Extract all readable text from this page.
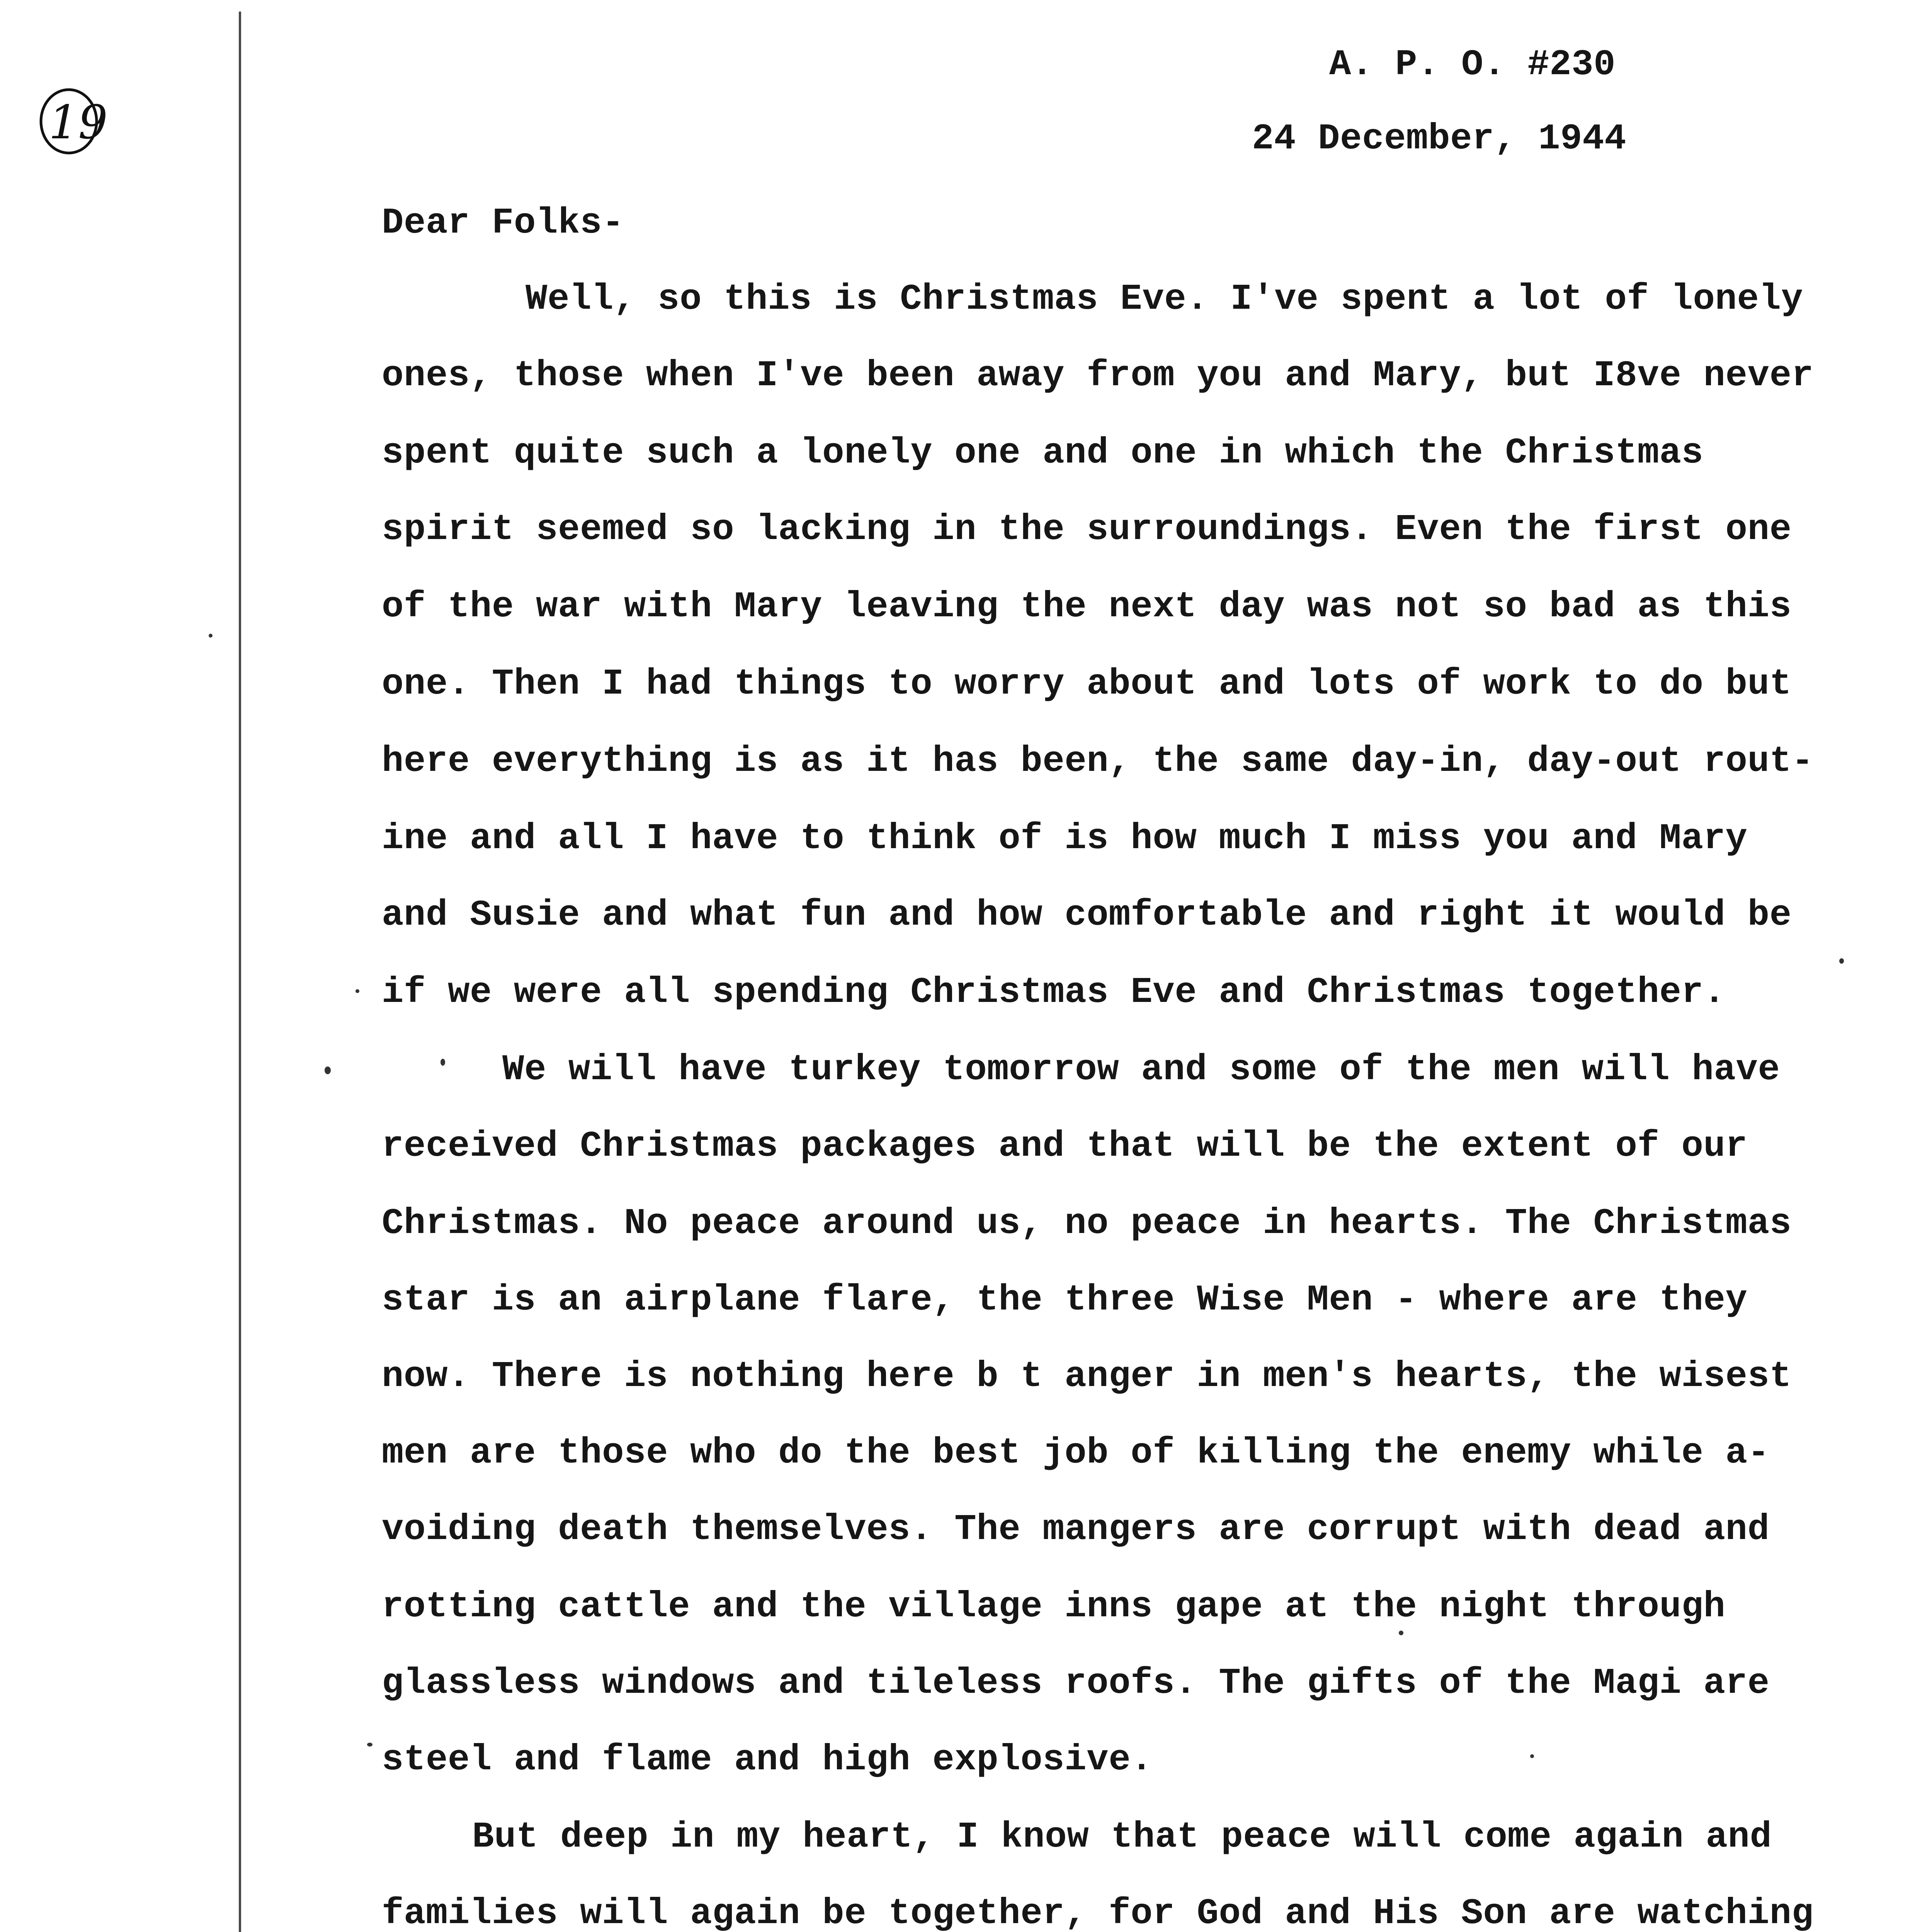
19
A. P. O. #230
24 December, 1944
Dear Folks-
Well, so this is Christmas Eve. I've spent a lot of lonely
ones, those when I've been away from you and Mary, but I8ve never
spent quite such a lonely one and one in which the Christmas
spirit seemed so lacking in the surroundings. Even the first one
of the war with Mary leaving the next day was not so bad as this
one. Then I had things to worry about and lots of work to do but
here everything is as it has been, the same day-in, day-out rout-
ine and all I have to think of is how much I miss you and Mary
and Susie and what fun and how comfortable and right it would be
if we were all spending Christmas Eve and Christmas together.
We will have turkey tomorrow and some of the men will have
received Christmas packages and that will be the extent of our
Christmas. No peace around us, no peace in hearts. The Christmas
star is an airplane flare, the three Wise Men - where are they
now. There is nothing here b t anger in men's hearts, the wisest
men are those who do the best job of killing the enemy while a-
voiding death themselves. The mangers are corrupt with dead and
rotting cattle and the village inns gape at the night through
glassless windows and tileless roofs. The gifts of the Magi are
steel and flame and high explosive.
But deep in my heart, I know that peace will come again and
families will again be together, for God and His Son are watching
